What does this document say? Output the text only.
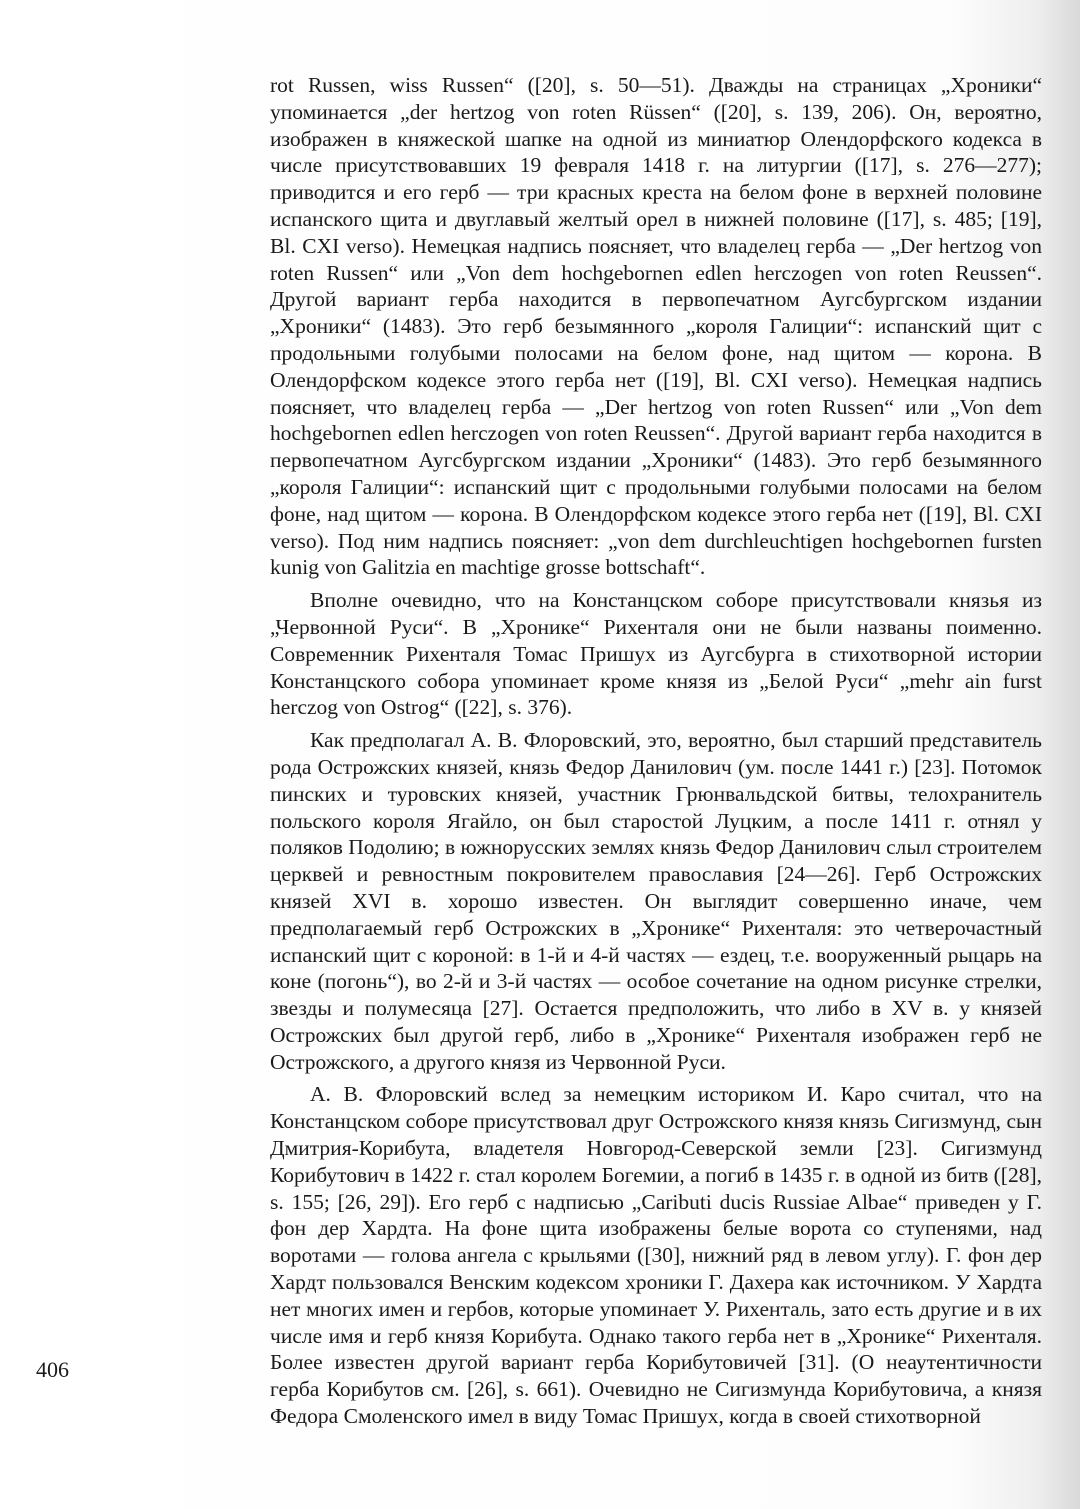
rot Russen, wiss Russen“ ([20], s. 50—51). Дважды на страницах „Хроники“ упоминается „der hertzog von roten Rüssen“ ([20], s. 139, 206). Он, вероятно, изображен в княжеской шапке на одной из миниатюр Олендорфского кодекса в числе присутствовавших 19 февраля 1418 г. на литургии ([17], s. 276—277); приводится и его герб — три красных креста на белом фоне в верхней половине испанского щита и двуглавый желтый орел в нижней половине ([17], s. 485; [19], Bl. CXI verso). Немецкая надпись поясняет, что владелец герба — „Der hertzog von roten Russen“ или „Von dem hochgebornen edlen herczogen von roten Reussen“. Другой вариант герба находится в первопечатном Аугсбургском издании „Хроники“ (1483). Это герб безымянного „короля Галиции“: испанский щит с продольными голубыми полосами на белом фоне, над щитом — корона. В Олендорфском кодексе этого герба нет ([19], Bl. CXI verso). Немецкая надпись поясняет, что владелец герба — „Der hertzog von roten Russen“ или „Von dem hochgebornen edlen herczogen von roten Reussen“. Другой вариант герба находится в первопечатном Аугсбургском издании „Хроники“ (1483). Это герб безымянного „короля Галиции“: испанский щит с продольными голубыми полосами на белом фоне, над щитом — корона. В Олендорфском кодексе этого герба нет ([19], Bl. CXI verso). Под ним надпись поясняет: „von dem durchleuchtigen hochgebornen fursten kunig von Galitzia en machtige grosse bottschaft“.

Вполне очевидно, что на Констанцском соборе присутствовали князья из „Червонной Руси“. В „Хронике“ Рихенталя они не были названы поименно. Современник Рихенталя Томас Пришух из Аугсбурга в стихотворной истории Констанцского собора упоминает кроме князя из „Белой Руси“ „mehr ain furst herczog von Ostrog“ ([22], s. 376).

Как предполагал А. В. Флоровский, это, вероятно, был старший представитель рода Острожских князей, князь Федор Данилович (ум. после 1441 г.) [23]. Потомок пинских и туровских князей, участник Грюнвальдской битвы, телохранитель польского короля Ягайло, он был старостой Луцким, а после 1411 г. отнял у поляков Подолию; в южнорусских землях князь Федор Данилович слыл строителем церквей и ревностным покровителем православия [24—26]. Герб Острожских князей XVI в. хорошо известен. Он выглядит совершенно иначе, чем предполагаемый герб Острожских в „Хронике“ Рихенталя: это четверочастный испанский щит с короной: в 1-й и 4-й частях — ездец, т.е. вооруженный рыцарь на коне (погонь“), во 2-й и 3-й частях — особое сочетание на одном рисунке стрелки, звезды и полумесяца [27]. Остается предположить, что либо в XV в. у князей Острожских был другой герб, либо в „Хронике“ Рихенталя изображен герб не Острожского, а другого князя из Червонной Руси.

А. В. Флоровский вслед за немецким историком И. Каро считал, что на Констанцском соборе присутствовал друг Острожского князя князь Сигизмунд, сын Дмитрия-Корибута, владетеля Новгород-Северской земли [23]. Сигизмунд Корибутович в 1422 г. стал королем Богемии, а погиб в 1435 г. в одной из битв ([28], s. 155; [26, 29]). Его герб с надписью „Caributi ducis Russiae Albae“ приведен у Г. фон дер Хардта. На фоне щита изображены белые ворота со ступенями, над воротами — голова ангела с крыльями ([30], нижний ряд в левом углу). Г. фон дер Хардт пользовался Венским кодексом хроники Г. Дахера как источником. У Хардта нет многих имен и гербов, которые упоминает У. Рихенталь, зато есть другие и в их числе имя и герб князя Корибута. Однако такого герба нет в „Хронике“ Рихенталя. Более известен другой вариант герба Корибутовичей [31]. (О неаутентичности герба Корибутов см. [26], s. 661). Очевидно не Сигизмунда Корибутовича, а князя Федора Смоленского имел в виду Томас Пришух, когда в своей стихотворной

406
